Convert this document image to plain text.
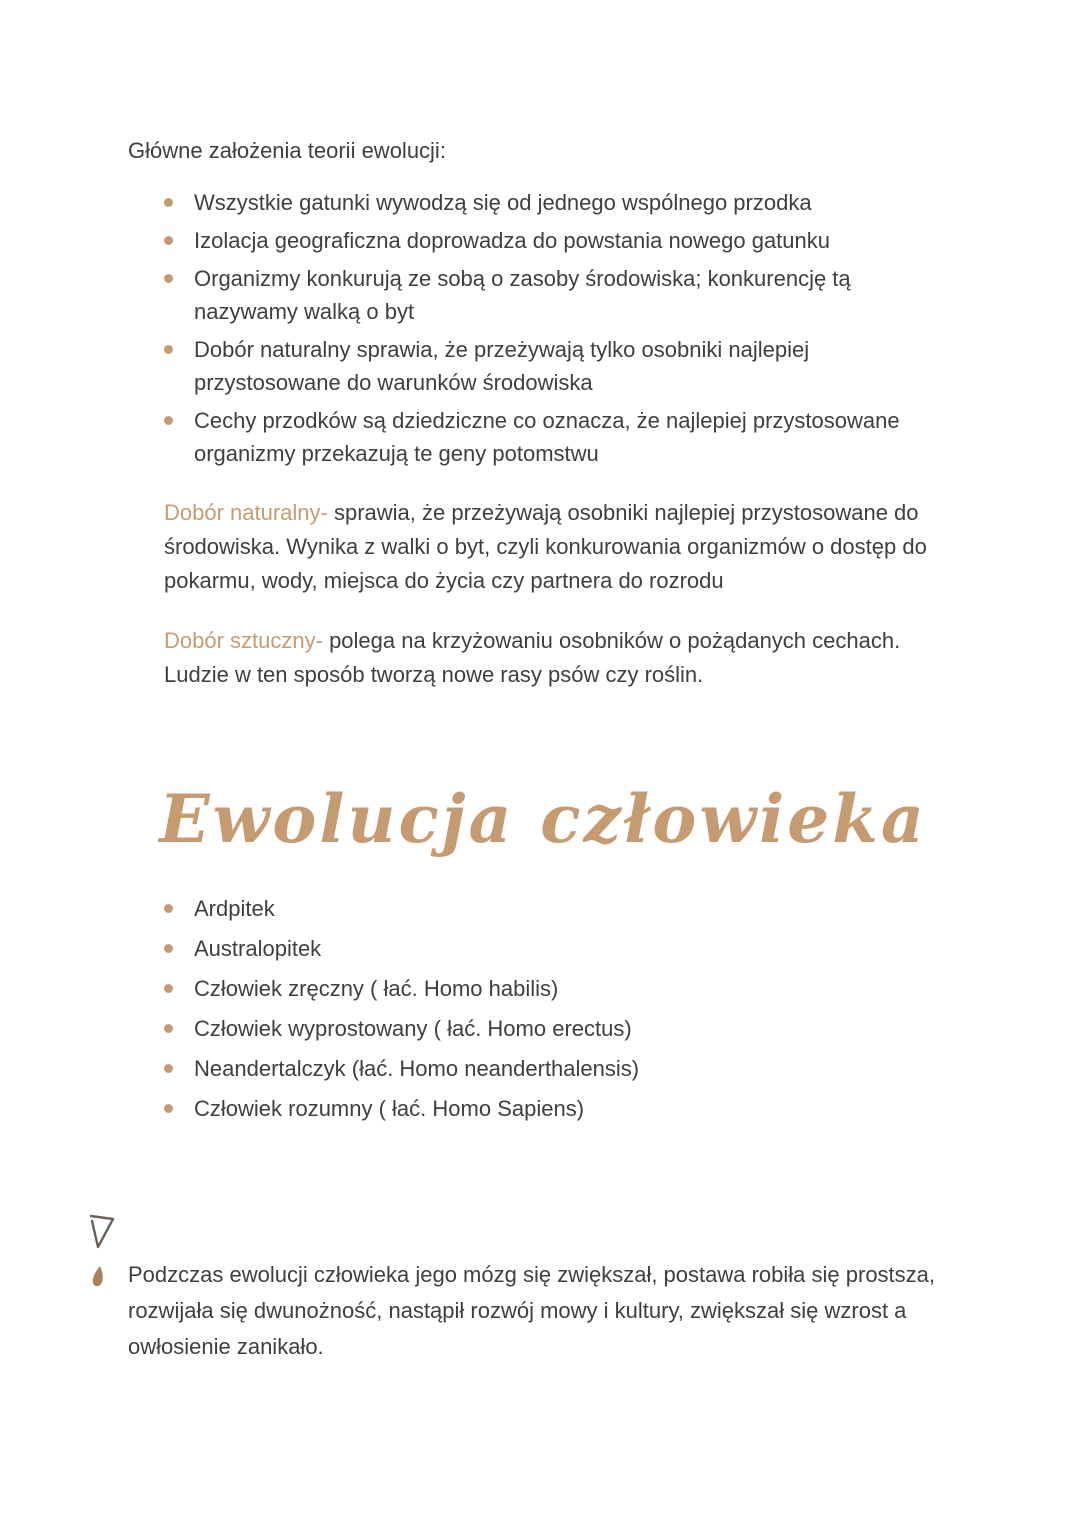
Główne założenia teorii ewolucji:
Wszystkie gatunki wywodzą się od jednego wspólnego przodka
Izolacja geograficzna doprowadza do powstania nowego gatunku
Organizmy konkurują ze sobą o zasoby środowiska; konkurencję tą nazywamy walką o byt
Dobór naturalny sprawia, że przeżywają tylko osobniki najlepiej przystosowane do warunków środowiska
Cechy przodków są dziedziczne co oznacza, że najlepiej przystosowane organizmy przekazują te geny potomstwu

Dobór naturalny- sprawia, że przeżywają osobniki najlepiej przystosowane do środowiska. Wynika z walki o byt, czyli konkurowania organizmów o dostęp do pokarmu, wody, miejsca do życia czy partnera do rozrodu

Dobór sztuczny- polega na krzyżowaniu osobników o pożądanych cechach. Ludzie w ten sposób tworzą nowe rasy psów czy roślin.

Ewolucja człowieka
Ardpitek
Australopitek
Człowiek zręczny ( łać. Homo habilis)
Człowiek wyprostowany ( łać. Homo erectus)
Neandertalczyk (łać. Homo neanderthalensis)
Człowiek rozumny ( łać. Homo Sapiens)

Podzczas ewolucji człowieka jego mózg się zwiększał, postawa robiła się prostsza, rozwijała się dwunożność, nastąpił rozwój mowy i kultury, zwiększał się wzrost a owłosienie zanikało.
